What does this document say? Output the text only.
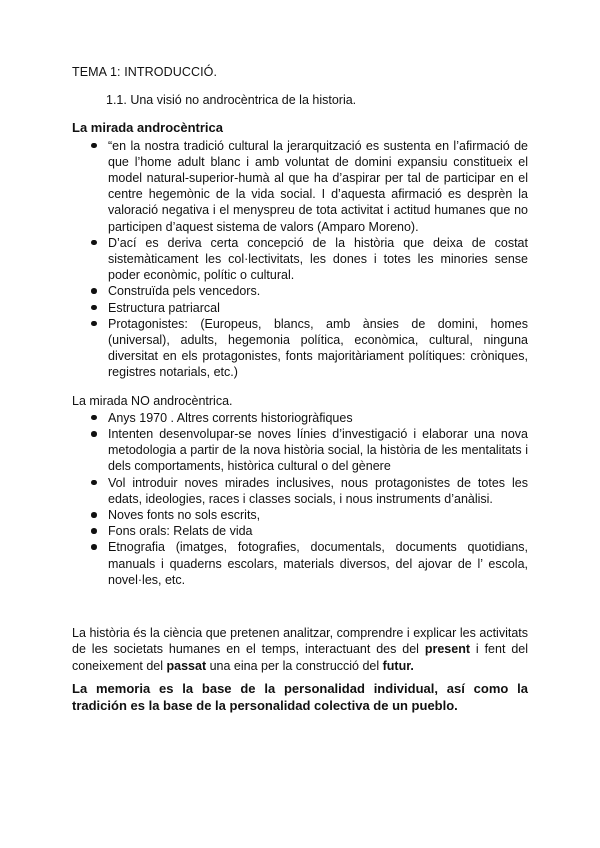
TEMA 1: INTRODUCCIÓ.

1.1. Una visió no androcèntrica de la historia.

La mirada androcèntrica

“en la nostra tradició cultural la jerarquització es sustenta en l’afirmació de que l’home adult blanc i amb voluntat de domini expansiu constitueix el model natural-superior-humà al que ha d’aspirar per tal de participar en el centre hegemònic de la vida social. I d’aquesta afirmació es desprèn la valoració negativa i el menyspreu de tota activitat i actitud humanes que no participen d’aquest sistema de valors (Amparo Moreno).
D’ací es deriva certa concepció de la història que deixa de costat sistemàticament les col·lectivitats, les dones i totes les minories sense poder econòmic, polític o cultural.
Construïda pels vencedors.
Estructura patriarcal
Protagonistes: (Europeus, blancs, amb ànsies de domini, homes (universal), adults, hegemonia política, econòmica, cultural, ninguna diversitat en els protagonistes, fonts majoritàriament polítiques: cròniques, registres notarials, etc.)

La mirada NO androcèntrica.

Anys 1970 . Altres corrents historiogràfiques
Intenten desenvolupar-se noves línies d’investigació i elaborar una nova metodologia a partir de la nova història social, la història de les mentalitats i dels comportaments, històrica cultural o del gènere
Vol introduir noves mirades inclusives, nous protagonistes de totes les edats, ideologies, races i classes socials, i nous instruments d’anàlisi.
Noves fonts no sols escrits,
Fons orals: Relats de vida
Etnografia (imatges, fotografies, documentals, documents quotidians, manuals i quaderns escolars, materials diversos, del ajovar de l’ escola, novel·les, etc.

La història és la ciència que pretenen analitzar, comprendre i explicar les activitats de les societats humanes en el temps, interactuant des del present i fent del coneixement del passat una eina per la construcció del futur.

La memoria es la base de la personalidad individual, así como la tradición es la base de la personalidad colectiva de un pueblo.
